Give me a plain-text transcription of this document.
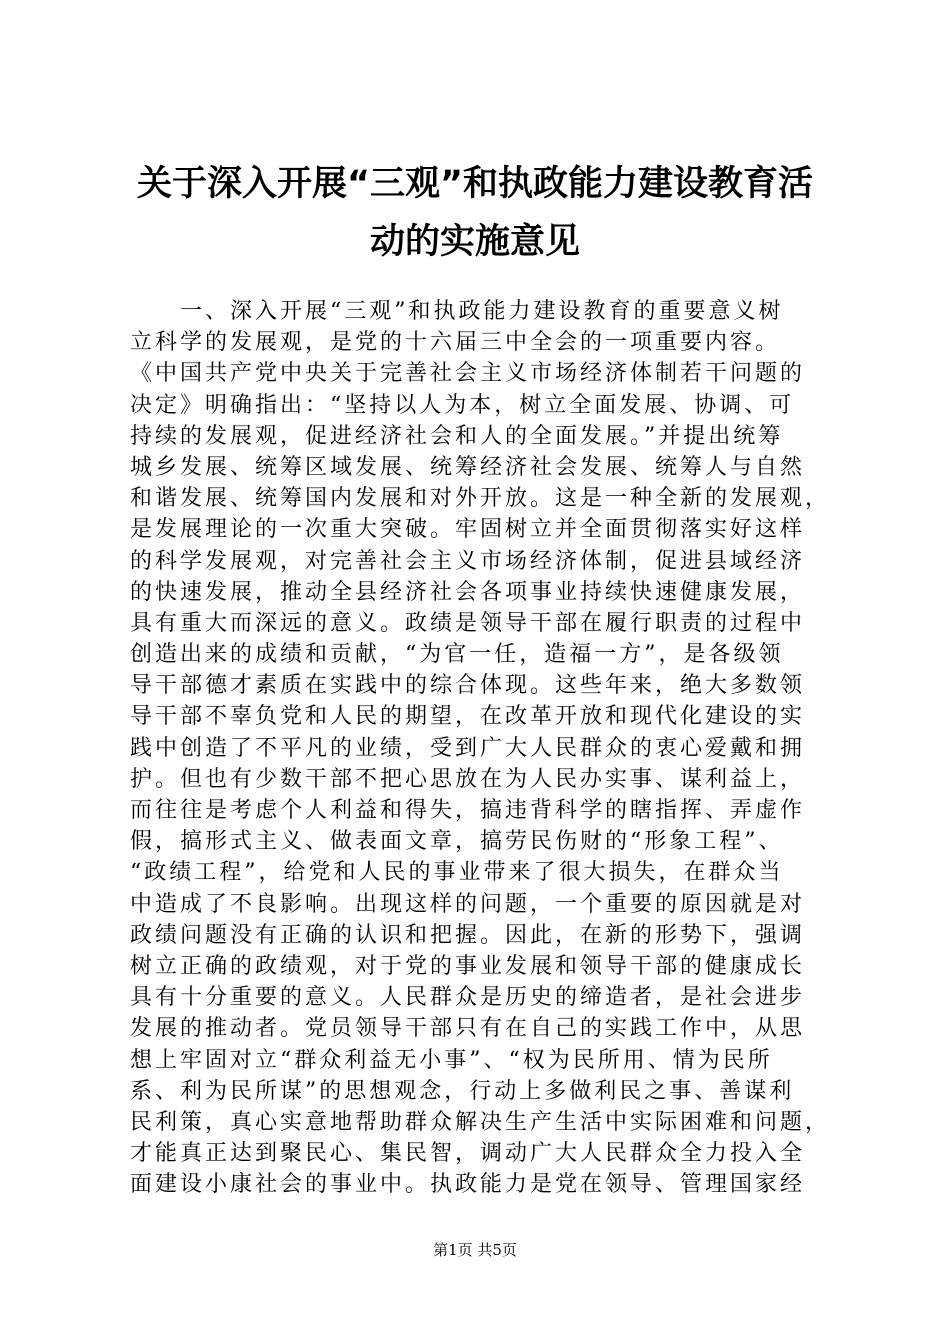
关于深入开展“三观”和执政能力建设教育活
动的实施意见
一、深入开展“三观”和执政能力建设教育的重要意义树
立科学的发展观，是党的十六届三中全会的一项重要内容。
《中国共产党中央关于完善社会主义市场经济体制若干问题的
决定》明确指出：“坚持以人为本，树立全面发展、协调、可
持续的发展观，促进经济社会和人的全面发展。”并提出统筹
城乡发展、统筹区域发展、统筹经济社会发展、统筹人与自然
和谐发展、统筹国内发展和对外开放。这是一种全新的发展观，
是发展理论的一次重大突破。牢固树立并全面贯彻落实好这样
的科学发展观，对完善社会主义市场经济体制，促进县域经济
的快速发展，推动全县经济社会各项事业持续快速健康发展，
具有重大而深远的意义。政绩是领导干部在履行职责的过程中
创造出来的成绩和贡献，“为官一任，造福一方”，是各级领
导干部德才素质在实践中的综合体现。这些年来，绝大多数领
导干部不辜负党和人民的期望，在改革开放和现代化建设的实
践中创造了不平凡的业绩，受到广大人民群众的衷心爱戴和拥
护。但也有少数干部不把心思放在为人民办实事、谋利益上，
而往往是考虑个人利益和得失，搞违背科学的瞎指挥、弄虚作
假，搞形式主义、做表面文章，搞劳民伤财的“形象工程”、
“政绩工程”，给党和人民的事业带来了很大损失，在群众当
中造成了不良影响。出现这样的问题，一个重要的原因就是对
政绩问题没有正确的认识和把握。因此，在新的形势下，强调
树立正确的政绩观，对于党的事业发展和领导干部的健康成长
具有十分重要的意义。人民群众是历史的缔造者，是社会进步
发展的推动者。党员领导干部只有在自己的实践工作中，从思
想上牢固对立“群众利益无小事”、“权为民所用、情为民所
系、利为民所谋”的思想观念，行动上多做利民之事、善谋利
民利策，真心实意地帮助群众解决生产生活中实际困难和问题，
才能真正达到聚民心、集民智，调动广大人民群众全力投入全
面建设小康社会的事业中。执政能力是党在领导、管理国家经

第1页 共5页
